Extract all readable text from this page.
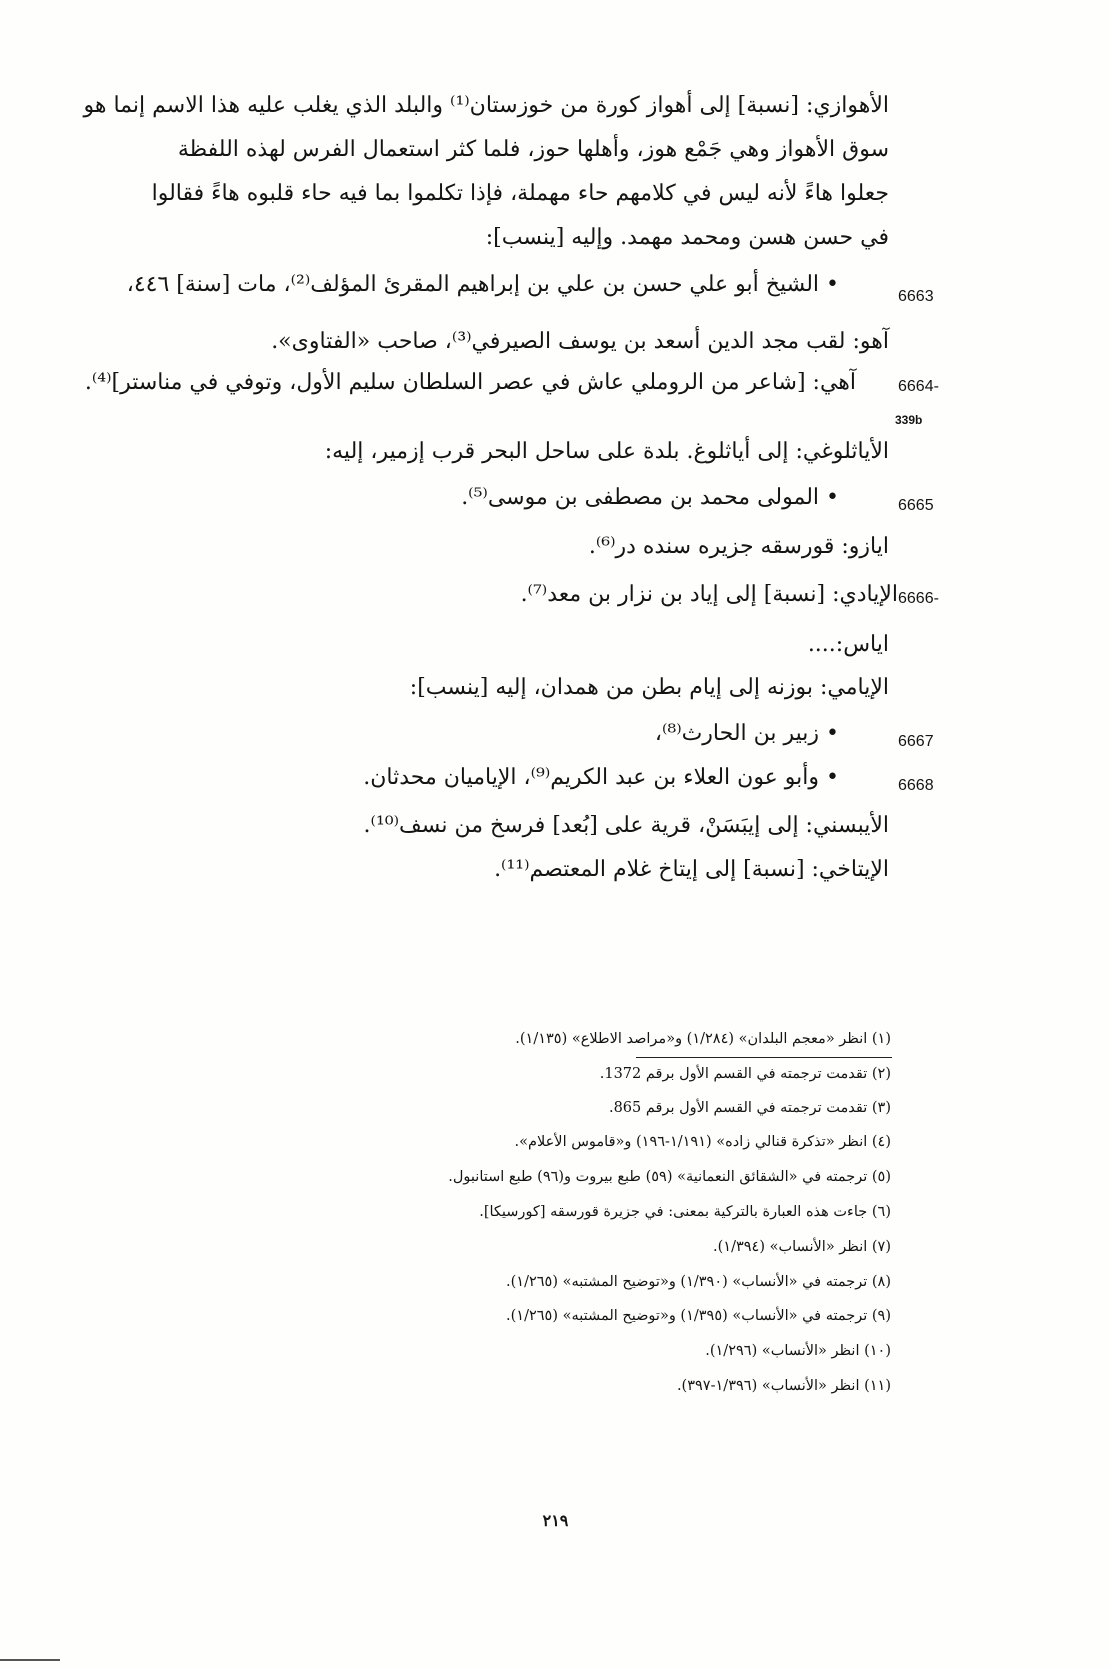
الأهوازي: [نسبة] إلى أهواز كورة من خوزستان⁽¹⁾ والبلد الذي يغلب عليه هذا الاسم إنما هو
سوق الأهواز وهي جَمْع هوز، وأهلها حوز، فلما كثر استعمال الفرس لهذه اللفظة
جعلوا هاءً لأنه ليس في كلامهم حاء مهملة، فإذا تكلموا بما فيه حاء قلبوه هاءً فقالوا
في حسن هسن ومحمد مهمد. وإليه [ينسب]:
6663
• الشيخ أبو علي حسن بن علي بن إبراهيم المقرئ المؤلف⁽²⁾، مات [سنة] ٤٤٦،
آهو: لقب مجد الدين أسعد بن يوسف الصيرفي⁽³⁾، صاحب «الفتاوى».
6664-
آهي: [شاعر من الروملي عاش في عصر السلطان سليم الأول، وتوفي في مناستر]⁽⁴⁾.
339b
الأياثلوغي: إلى أياثلوغ. بلدة على ساحل البحر قرب إزمير، إليه:
6665
• المولى محمد بن مصطفى بن موسى⁽⁵⁾.
ايازو: قورسقه جزيره سنده در⁽⁶⁾.
6666-
الإيادي: [نسبة] إلى إياد بن نزار بن معد⁽⁷⁾.
اياس:....
الإيامي: بوزنه إلى إيام بطن من همدان، إليه [ينسب]:
6667
• زبير بن الحارث⁽⁸⁾،
6668
• وأبو عون العلاء بن عبد الكريم⁽⁹⁾، الإياميان محدثان.
الأيبسني: إلى إيبَسَنْ، قرية على [بُعد] فرسخ من نسف⁽¹⁰⁾.
الإيتاخي: [نسبة] إلى إيتاخ غلام المعتصم⁽¹¹⁾.
(١) انظر «معجم البلدان» (١/٢٨٤) و«مراصد الاطلاع» (١/١٣٥).
(٢) تقدمت ترجمته في القسم الأول برقم 1372.
(٣) تقدمت ترجمته في القسم الأول برقم 865.
(٤) انظر «تذكرة قنالي زاده» (١/١٩١-١٩٦) و«قاموس الأعلام».
(٥) ترجمته في «الشقائق النعمانية» (٥٩) طبع بيروت و(٩٦) طبع استانبول.
(٦) جاءت هذه العبارة بالتركية بمعنى: في جزيرة قورسقه [كورسيكا].
(٧) انظر «الأنساب» (١/٣٩٤).
(٨) ترجمته في «الأنساب» (١/٣٩٠) و«توضيح المشتبه» (١/٢٦٥).
(٩) ترجمته في «الأنساب» (١/٣٩٥) و«توضيح المشتبه» (١/٢٦٥).
(١٠) انظر «الأنساب» (١/٢٩٦).
(١١) انظر «الأنساب» (١/٣٩٦-٣٩٧).
٢١٩
